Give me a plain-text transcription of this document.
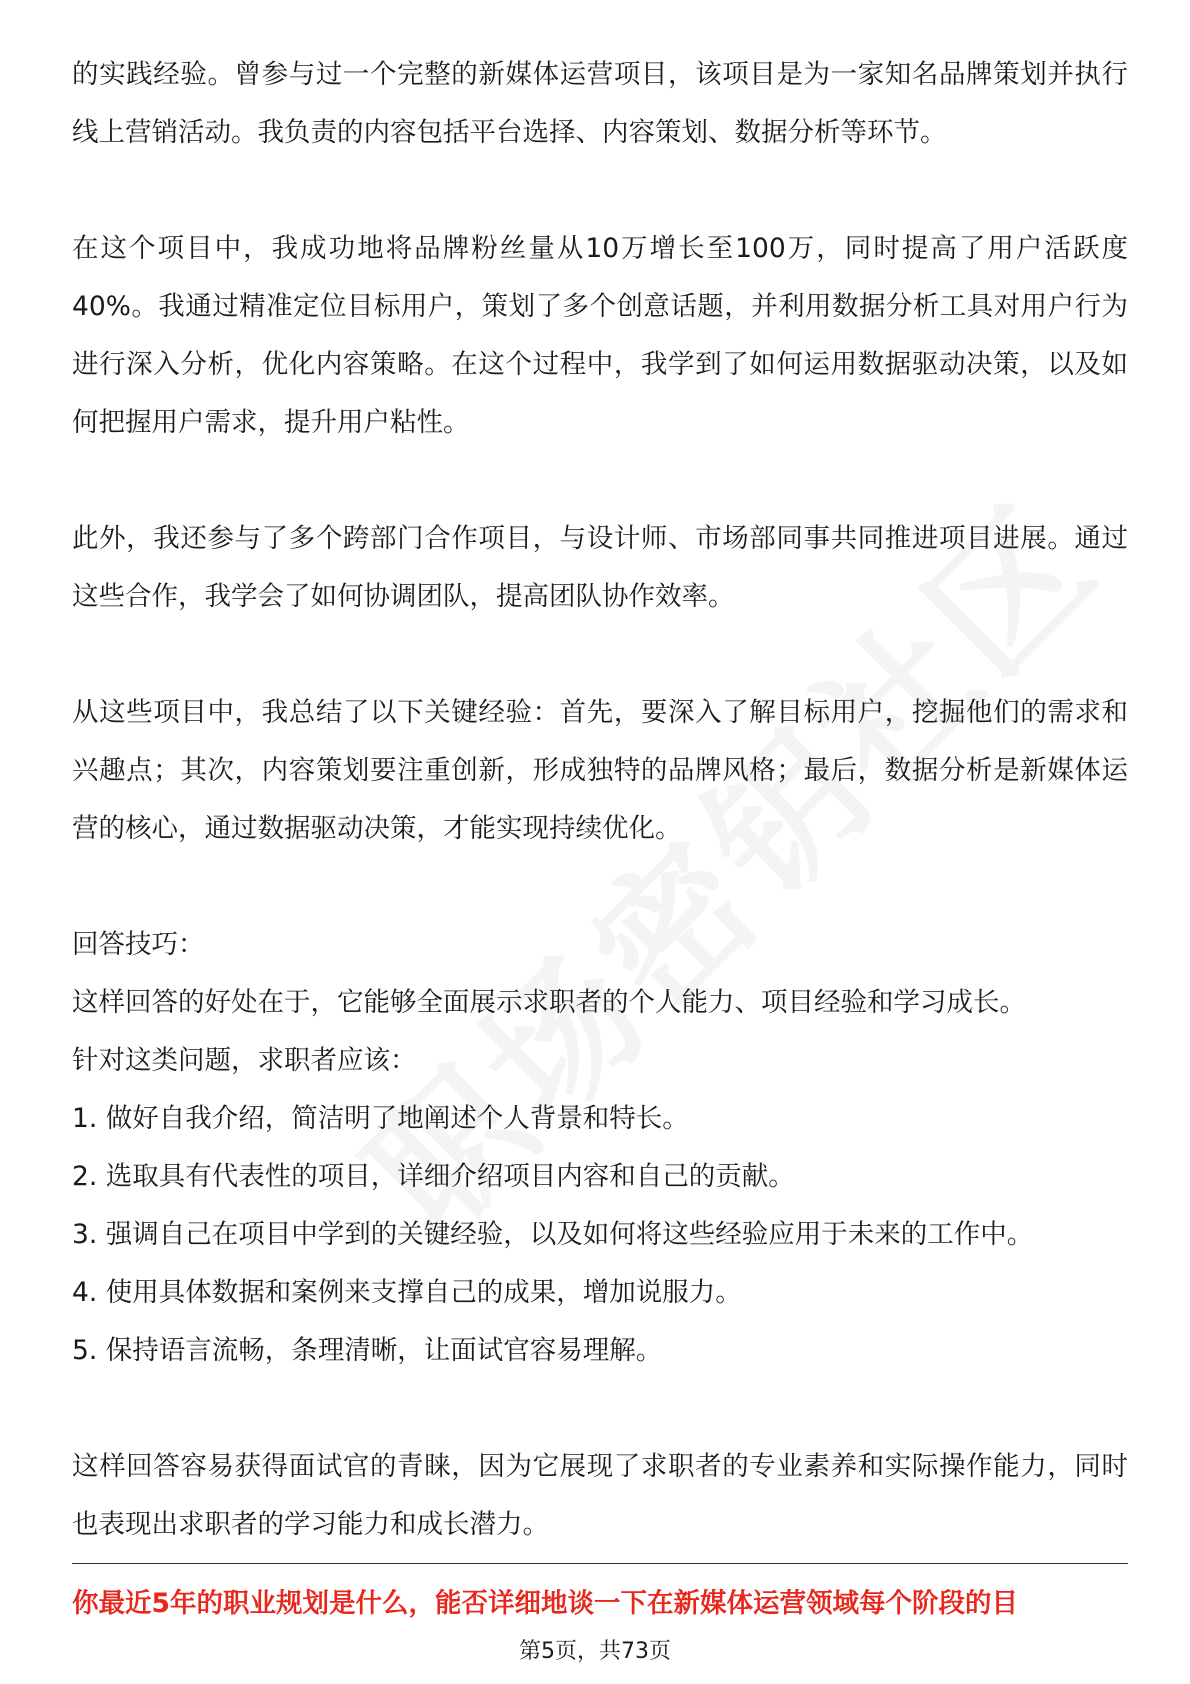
的实践经验。曾参与过一个完整的新媒体运营项目，该项目是为一家知名品牌策划并执行线上营销活动。我负责的内容包括平台选择、内容策划、数据分析等环节。

在这个项目中，我成功地将品牌粉丝量从10万增长至100万，同时提高了用户活跃度40%。我通过精准定位目标用户，策划了多个创意话题，并利用数据分析工具对用户行为进行深入分析，优化内容策略。在这个过程中，我学到了如何运用数据驱动决策，以及如何把握用户需求，提升用户粘性。

此外，我还参与了多个跨部门合作项目，与设计师、市场部同事共同推进项目进展。通过这些合作，我学会了如何协调团队，提高团队协作效率。

从这些项目中，我总结了以下关键经验：首先，要深入了解目标用户，挖掘他们的需求和兴趣点；其次，内容策划要注重创新，形成独特的品牌风格；最后，数据分析是新媒体运营的核心，通过数据驱动决策，才能实现持续优化。

回答技巧：

这样回答的好处在于，它能够全面展示求职者的个人能力、项目经验和学习成长。

针对这类问题，求职者应该：

1. 做好自我介绍，简洁明了地阐述个人背景和特长。
2. 选取具有代表性的项目，详细介绍项目内容和自己的贡献。
3. 强调自己在项目中学到的关键经验，以及如何将这些经验应用于未来的工作中。
4. 使用具体数据和案例来支撑自己的成果，增加说服力。
5. 保持语言流畅，条理清晰，让面试官容易理解。

这样回答容易获得面试官的青睐，因为它展现了求职者的专业素养和实际操作能力，同时也表现出求职者的学习能力和成长潜力。

你最近5年的职业规划是什么，能否详细地谈一下在新媒体运营领域每个阶段的目
第5页，共73页
